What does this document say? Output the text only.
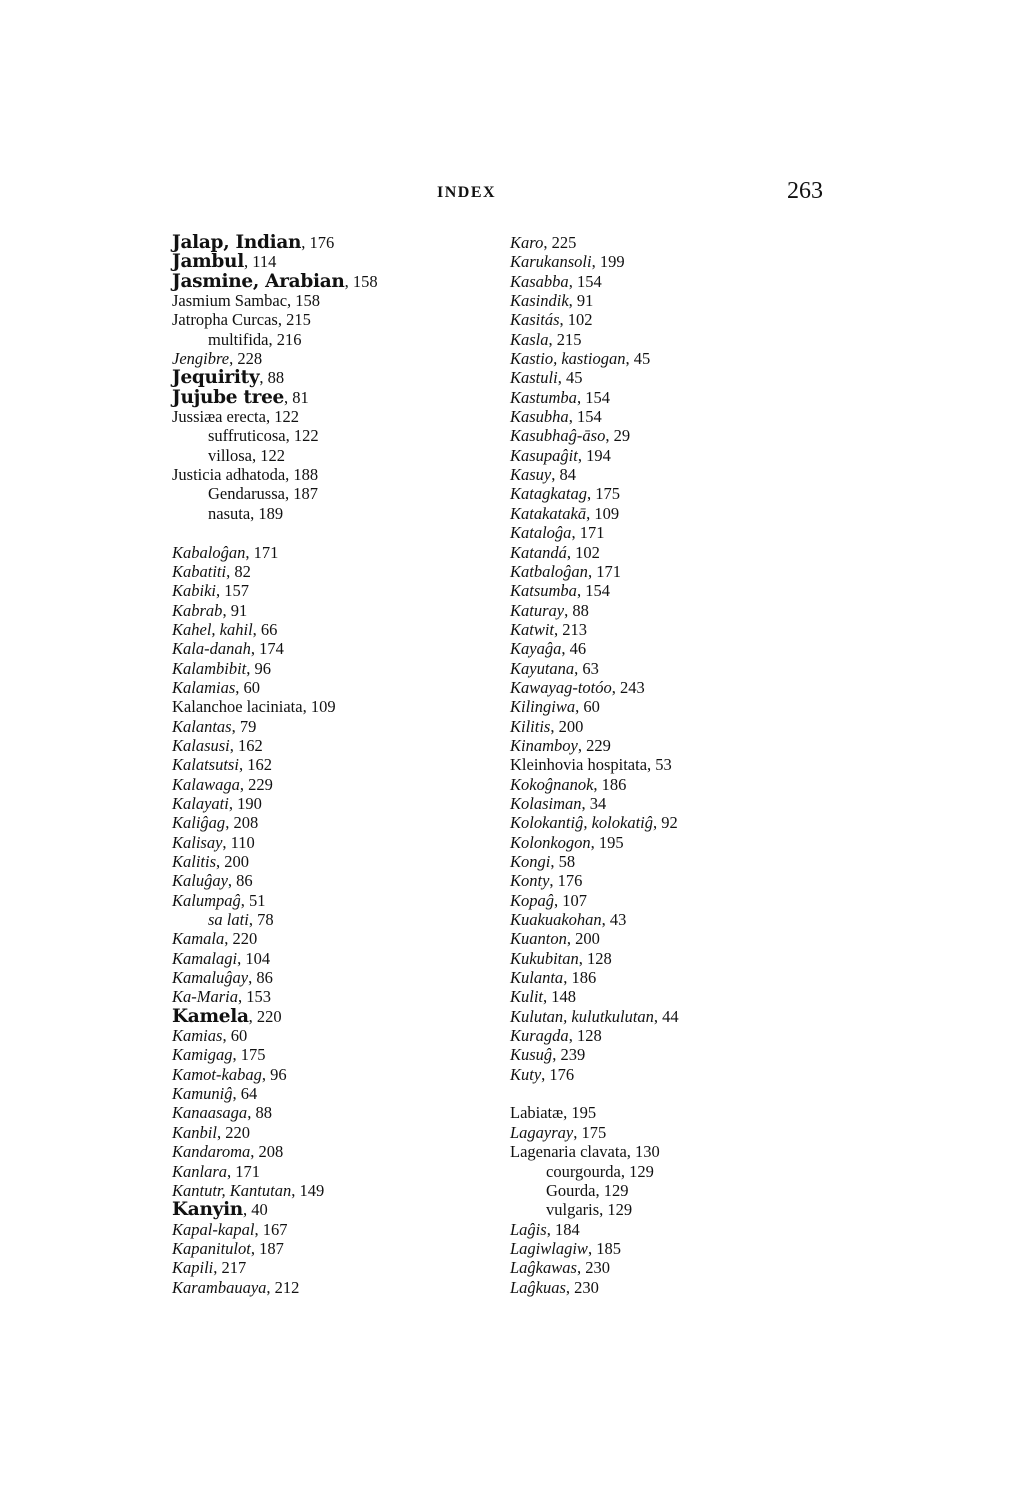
INDEX	263
Jalap, Indian, 176
Jambul, 114
Jasmine, Arabian, 158
Jasmium Sambac, 158
Jatropha Curcas, 215
multifida, 216
Jengibre, 228
Jequirity, 88
Jujube tree, 81
Jussiæa erecta, 122
suffruticosa, 122
villosa, 122
Justicia adhatoda, 188
Gendarussa, 187
nasuta, 189
Kabaloĝan, 171
Kabatiti, 82
Kabiki, 157
Kabrab, 91
Kahel, kahil, 66
Kala-danah, 174
Kalambibit, 96
Kalamias, 60
Kalanchoe laciniata, 109
Kalantas, 79
Kalasusi, 162
Kalatsutsi, 162
Kalawaga, 229
Kalayati, 190
Kaliĝag, 208
Kalisay, 110
Kalitis, 200
Kaluĝay, 86
Kalumpaĝ, 51
sa lati, 78
Kamala, 220
Kamalagi, 104
Kamaluĝay, 86
Ka-Maria, 153
Kamela, 220
Kamias, 60
Kamigag, 175
Kamot-kabag, 96
Kamuniĝ, 64
Kanaasaga, 88
Kanbil, 220
Kandaroma, 208
Kanlara, 171
Kantutr, Kantutan, 149
Kanyin, 40
Kapal-kapal, 167
Kapanitulot, 187
Kapili, 217
Karambauaya, 212
Karo, 225
Karukansoli, 199
Kasabba, 154
Kasindik, 91
Kasitás, 102
Kasla, 215
Kastio, kastiogan, 45
Kastuli, 45
Kastumba, 154
Kasubha, 154
Kasubhaĝ-āso, 29
Kasupaĝit, 194
Kasuy, 84
Katagkatag, 175
Katakatakā, 109
Kataloĝa, 171
Katandá, 102
Katbaloĝan, 171
Katsumba, 154
Katuray, 88
Katwit, 213
Kayaĝa, 46
Kayutana, 63
Kawayag-totóo, 243
Kilingiwa, 60
Kilitis, 200
Kinamboy, 229
Kleinhovia hospitata, 53
Kokoĝnanok, 186
Kolasiman, 34
Kolokantiĝ, kolokatiĝ, 92
Kolonkogon, 195
Kongi, 58
Konty, 176
Kopaĝ, 107
Kuakuakohan, 43
Kuanton, 200
Kukubitan, 128
Kulanta, 186
Kulit, 148
Kulutan, kulutkulutan, 44
Kuragda, 128
Kusuĝ, 239
Kuty, 176
Labiatæ, 195
Lagayray, 175
Lagenaria clavata, 130
courgourda, 129
Gourda, 129
vulgaris, 129
Laĝis, 184
Lagiwlagiw, 185
Laĝkawas, 230
Laĝkuas, 230
